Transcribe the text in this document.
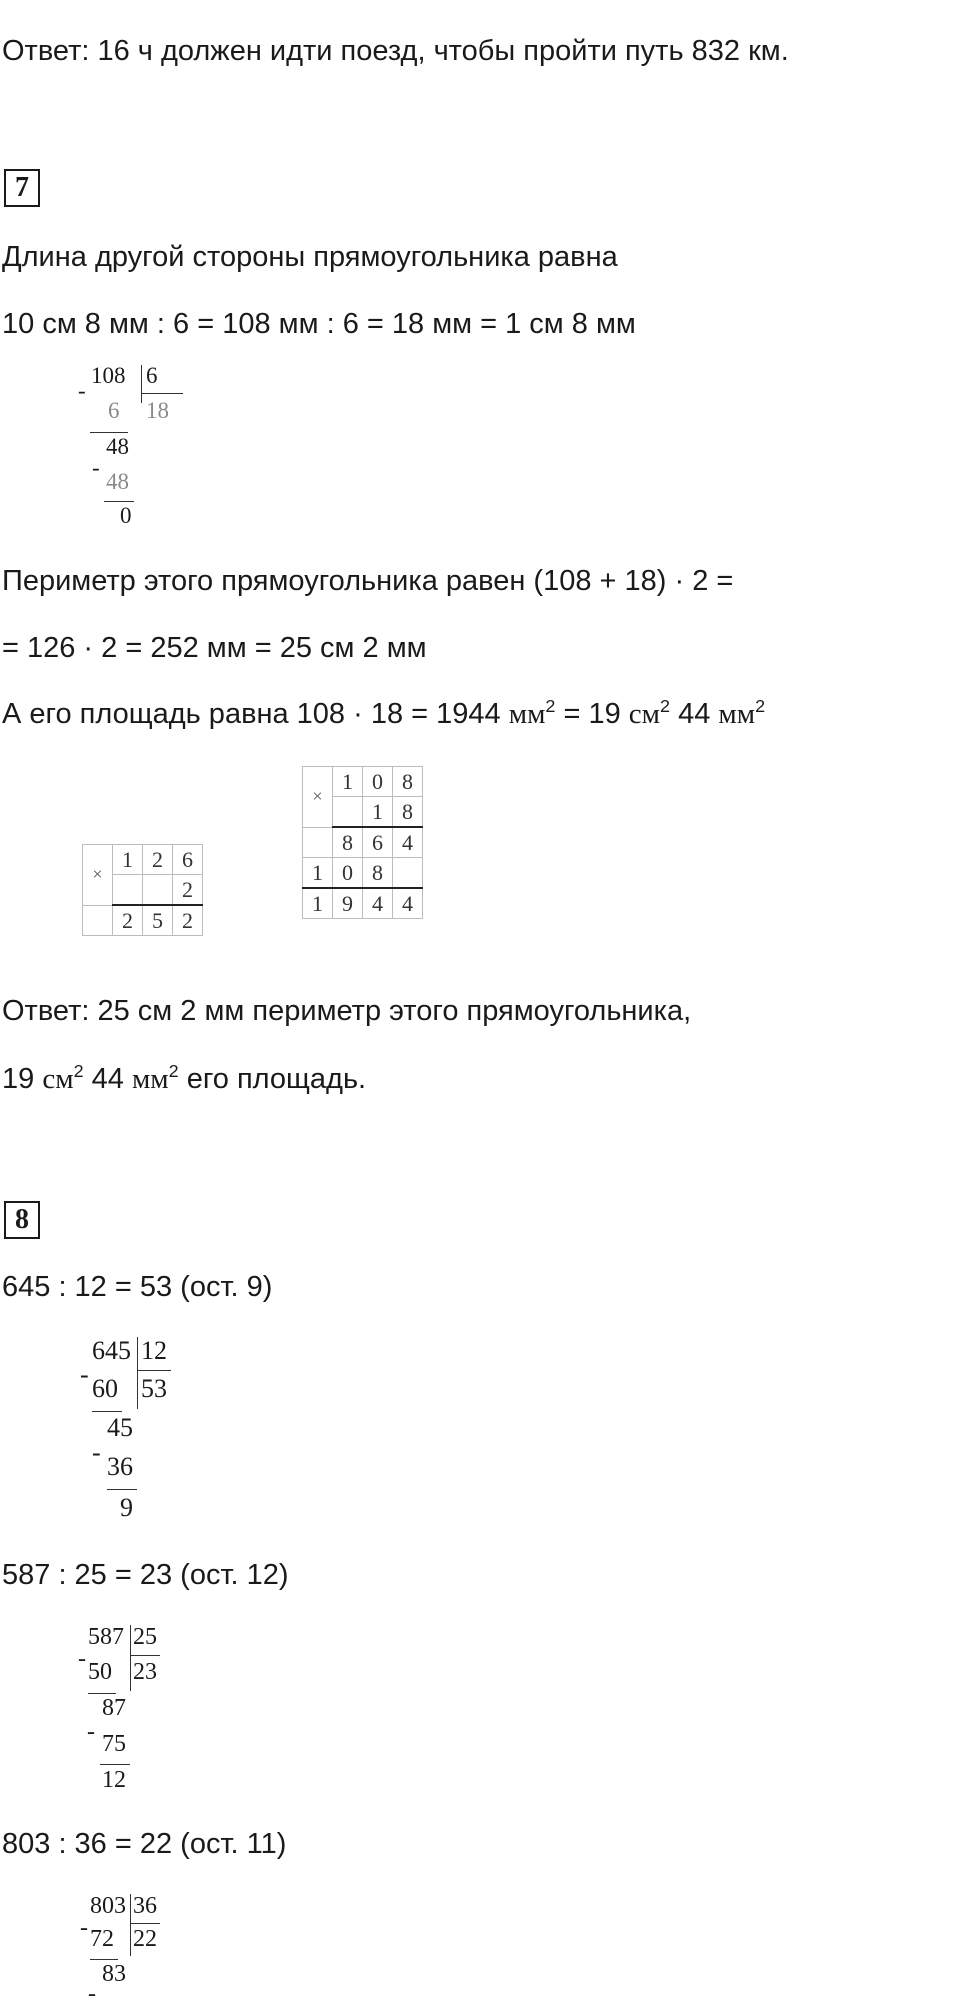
Ответ: 16 ч должен идти поезд, чтобы пройти путь 832 км.
7
Длина другой стороны прямоугольника равна
10 см 8 мм : 6 = 108 мм : 6 = 18 мм = 1 см 8 мм
-
108 6
6 18
48
-
48
0
Периметр этого прямоугольника равен (108 + 18) · 2 =
= 126 · 2 = 252 мм = 25 см 2 мм
А его площадь равна 108 · 18 = 1944 $мм^2 = 19$ $см^2$ 44 $мм^2$
×	1	2	6
			2
	2	5	2
×	1	0	8
		1	8
	8	6	4
1	0	8	
1	9	4	4
Ответ: 25 см 2 мм периметр этого прямоугольника,
19 $см^2$ 44 $мм^2$ его площадь.
8
645 : 12 = 53 (ост. 9)
-
645 12
60 53
45
- 36
9
587 : 25 = 23 (ост. 12)
-
587 25
50 23
87
- 75
12
803 : 36 = 22 (ост. 11)
-
803 36
72 22
83
-
